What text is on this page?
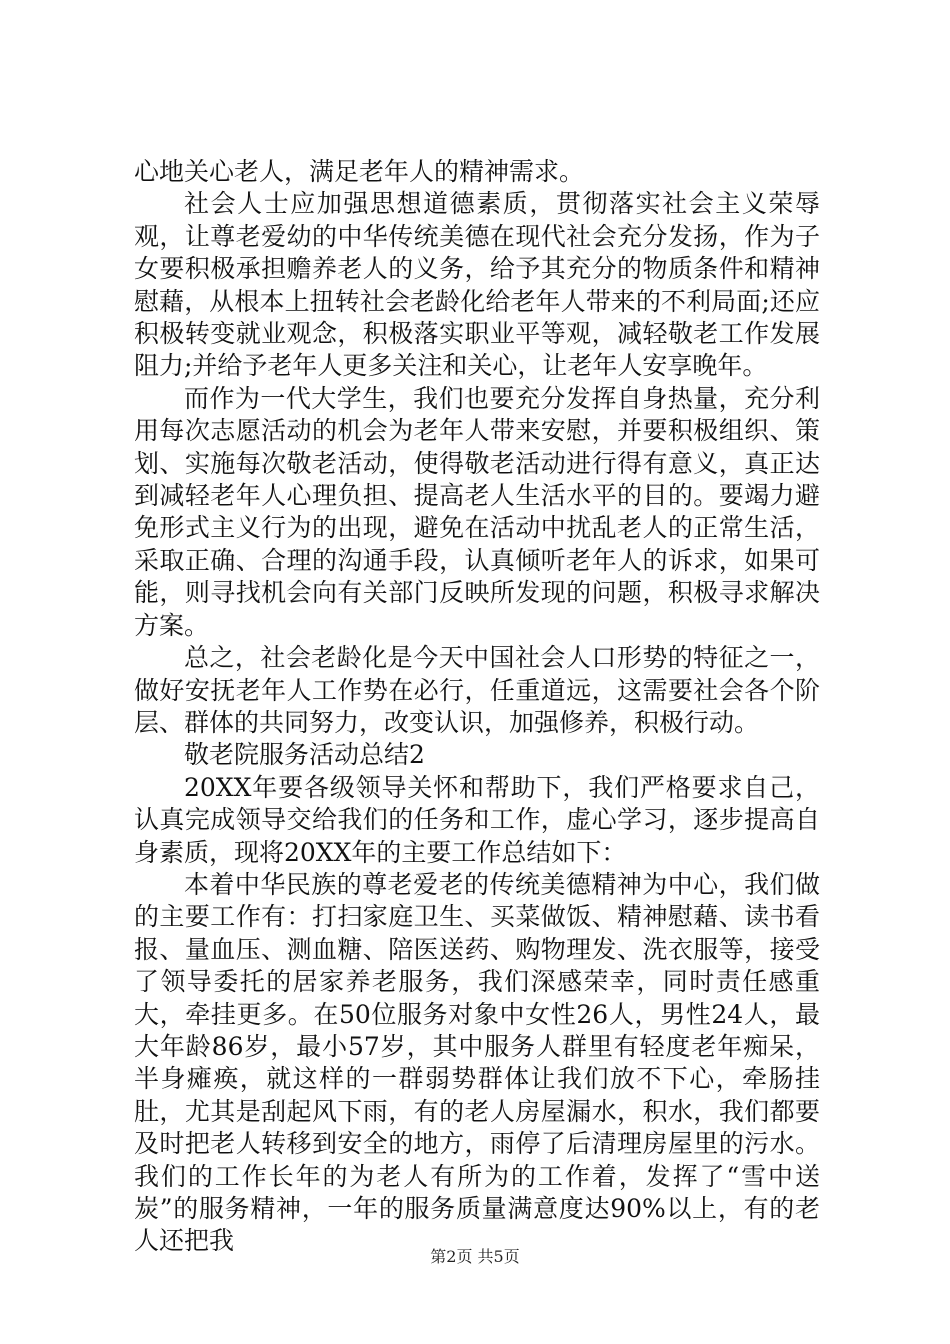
心地关心老人，满足老年人的精神需求。

社会人士应加强思想道德素质，贯彻落实社会主义荣辱观，让尊老爱幼的中华传统美德在现代社会充分发扬，作为子女要积极承担赡养老人的义务，给予其充分的物质条件和精神慰藉，从根本上扭转社会老龄化给老年人带来的不利局面;还应积极转变就业观念，积极落实职业平等观，减轻敬老工作发展阻力;并给予老年人更多关注和关心，让老年人安享晚年。

而作为一代大学生，我们也要充分发挥自身热量，充分利用每次志愿活动的机会为老年人带来安慰，并要积极组织、策划、实施每次敬老活动，使得敬老活动进行得有意义，真正达到减轻老年人心理负担、提高老人生活水平的目的。要竭力避免形式主义行为的出现，避免在活动中扰乱老人的正常生活，采取正确、合理的沟通手段，认真倾听老年人的诉求，如果可能，则寻找机会向有关部门反映所发现的问题，积极寻求解决方案。

总之，社会老龄化是今天中国社会人口形势的特征之一，做好安抚老年人工作势在必行，任重道远，这需要社会各个阶层、群体的共同努力，改变认识，加强修养，积极行动。

敬老院服务活动总结2

20XX年要各级领导关怀和帮助下，我们严格要求自己，认真完成领导交给我们的任务和工作，虚心学习，逐步提高自身素质，现将20XX年的主要工作总结如下：

本着中华民族的尊老爱老的传统美德精神为中心，我们做的主要工作有：打扫家庭卫生、买菜做饭、精神慰藉、读书看报、量血压、测血糖、陪医送药、购物理发、洗衣服等，接受了领导委托的居家养老服务，我们深感荣幸，同时责任感重大，牵挂更多。在50位服务对象中女性26人，男性24人，最大年龄86岁，最小57岁，其中服务人群里有轻度老年痴呆，半身瘫痪，就这样的一群弱势群体让我们放不下心，牵肠挂肚，尤其是刮起风下雨，有的老人房屋漏水，积水，我们都要及时把老人转移到安全的地方，雨停了后清理房屋里的污水。我们的工作长年的为老人有所为的工作着，发挥了“雪中送炭”的服务精神，一年的服务质量满意度达90%以上，有的老人还把我

第2页 共5页
